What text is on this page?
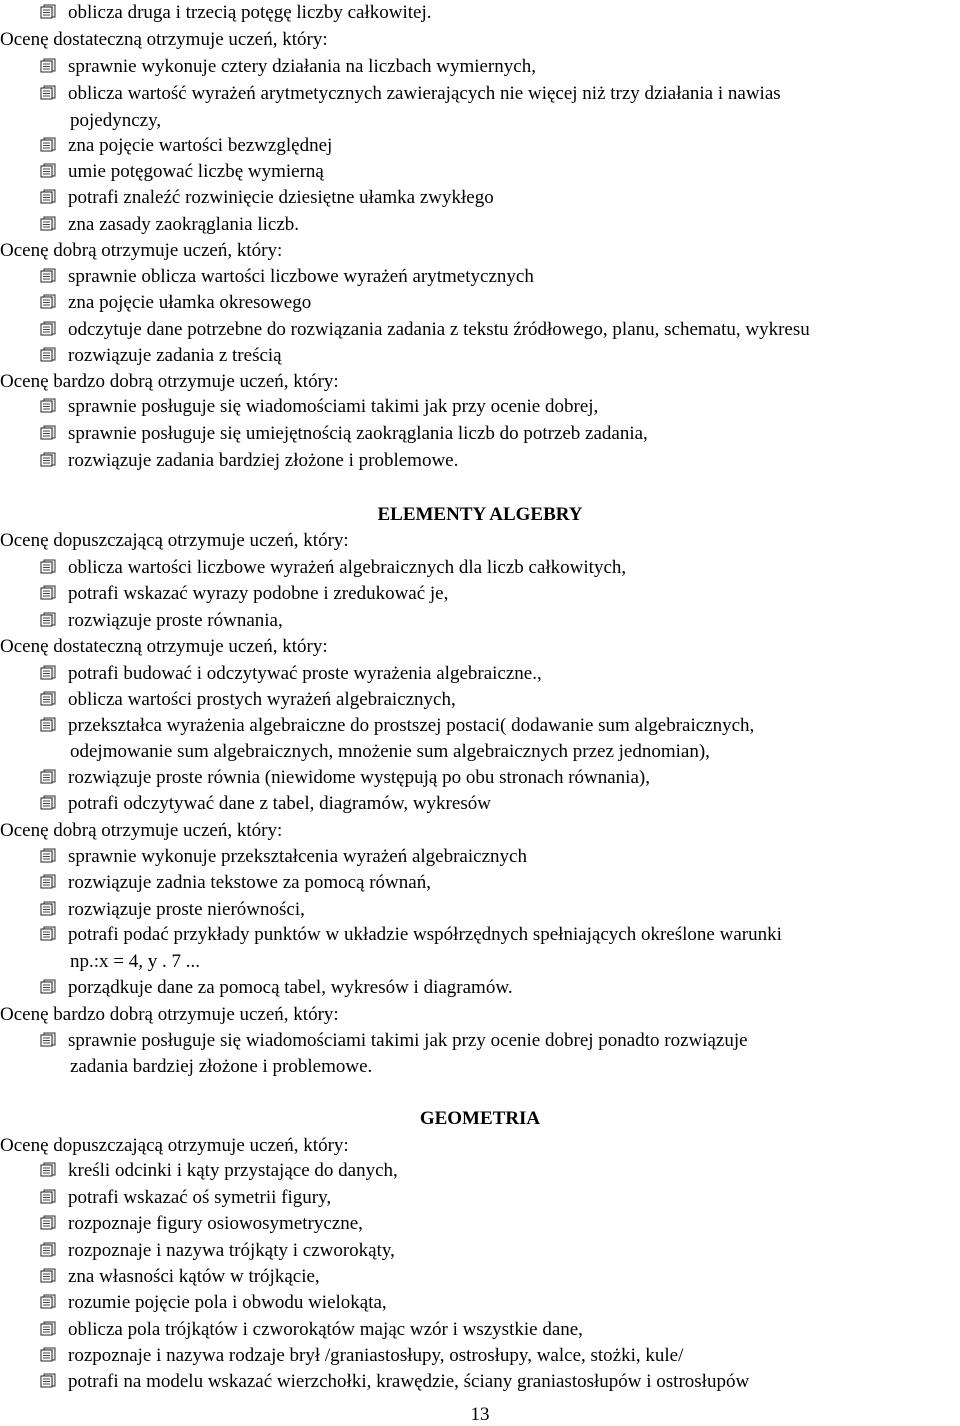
oblicza druga i trzecią potęgę liczby całkowitej.
Ocenę dostateczną otrzymuje uczeń, który:
sprawnie wykonuje cztery działania na liczbach wymiernych,
oblicza wartość wyrażeń arytmetycznych zawierających nie więcej niż trzy działania i nawias
pojedynczy,
zna pojęcie wartości bezwzględnej
umie potęgować liczbę wymierną
potrafi znaleźć rozwinięcie dziesiętne ułamka zwykłego
zna zasady zaokrąglania liczb.
Ocenę dobrą otrzymuje uczeń, który:
sprawnie oblicza wartości liczbowe wyrażeń arytmetycznych
zna pojęcie ułamka okresowego
odczytuje dane potrzebne do rozwiązania zadania z tekstu źródłowego, planu, schematu, wykresu
rozwiązuje zadania z treścią
Ocenę bardzo dobrą otrzymuje uczeń, który:
sprawnie posługuje się wiadomościami takimi jak przy ocenie dobrej,
sprawnie posługuje się umiejętnością zaokrąglania liczb do potrzeb zadania,
rozwiązuje zadania bardziej złożone i problemowe.
ELEMENTY ALGEBRY
Ocenę dopuszczającą otrzymuje uczeń, który:
oblicza wartości liczbowe wyrażeń algebraicznych dla liczb całkowitych,
potrafi wskazać wyrazy podobne i zredukować je,
rozwiązuje proste równania,
Ocenę dostateczną otrzymuje uczeń, który:
potrafi budować i odczytywać proste wyrażenia algebraiczne.,
oblicza wartości prostych wyrażeń algebraicznych,
przekształca wyrażenia algebraiczne do prostszej postaci( dodawanie sum algebraicznych,
odejmowanie sum algebraicznych, mnożenie sum algebraicznych przez jednomian),
rozwiązuje proste równia (niewidome występują po obu stronach równania),
potrafi odczytywać dane z tabel, diagramów, wykresów
Ocenę dobrą otrzymuje uczeń, który:
sprawnie wykonuje przekształcenia wyrażeń algebraicznych
rozwiązuje zadnia tekstowe za pomocą równań,
rozwiązuje proste nierówności,
potrafi podać przykłady punktów w układzie współrzędnych spełniających określone warunki
np.:x = 4, y . 7 ...
porządkuje dane za pomocą tabel, wykresów i diagramów.
Ocenę bardzo dobrą otrzymuje uczeń, który:
sprawnie posługuje się wiadomościami takimi jak przy ocenie dobrej ponadto rozwiązuje
zadania bardziej złożone i problemowe.
GEOMETRIA
Ocenę dopuszczającą otrzymuje uczeń, który:
kreśli odcinki i kąty przystające do danych,
potrafi wskazać oś symetrii figury,
rozpoznaje figury osiowosymetryczne,
rozpoznaje i nazywa trójkąty i czworokąty,
zna własności kątów w trójkącie,
rozumie pojęcie pola i obwodu wielokąta,
oblicza pola trójkątów i czworokątów mając wzór i wszystkie dane,
rozpoznaje i nazywa rodzaje brył /graniastosłupy, ostrosłupy, walce, stożki, kule/
potrafi na modelu wskazać wierzchołki, krawędzie, ściany graniastosłupów i ostrosłupów
13
